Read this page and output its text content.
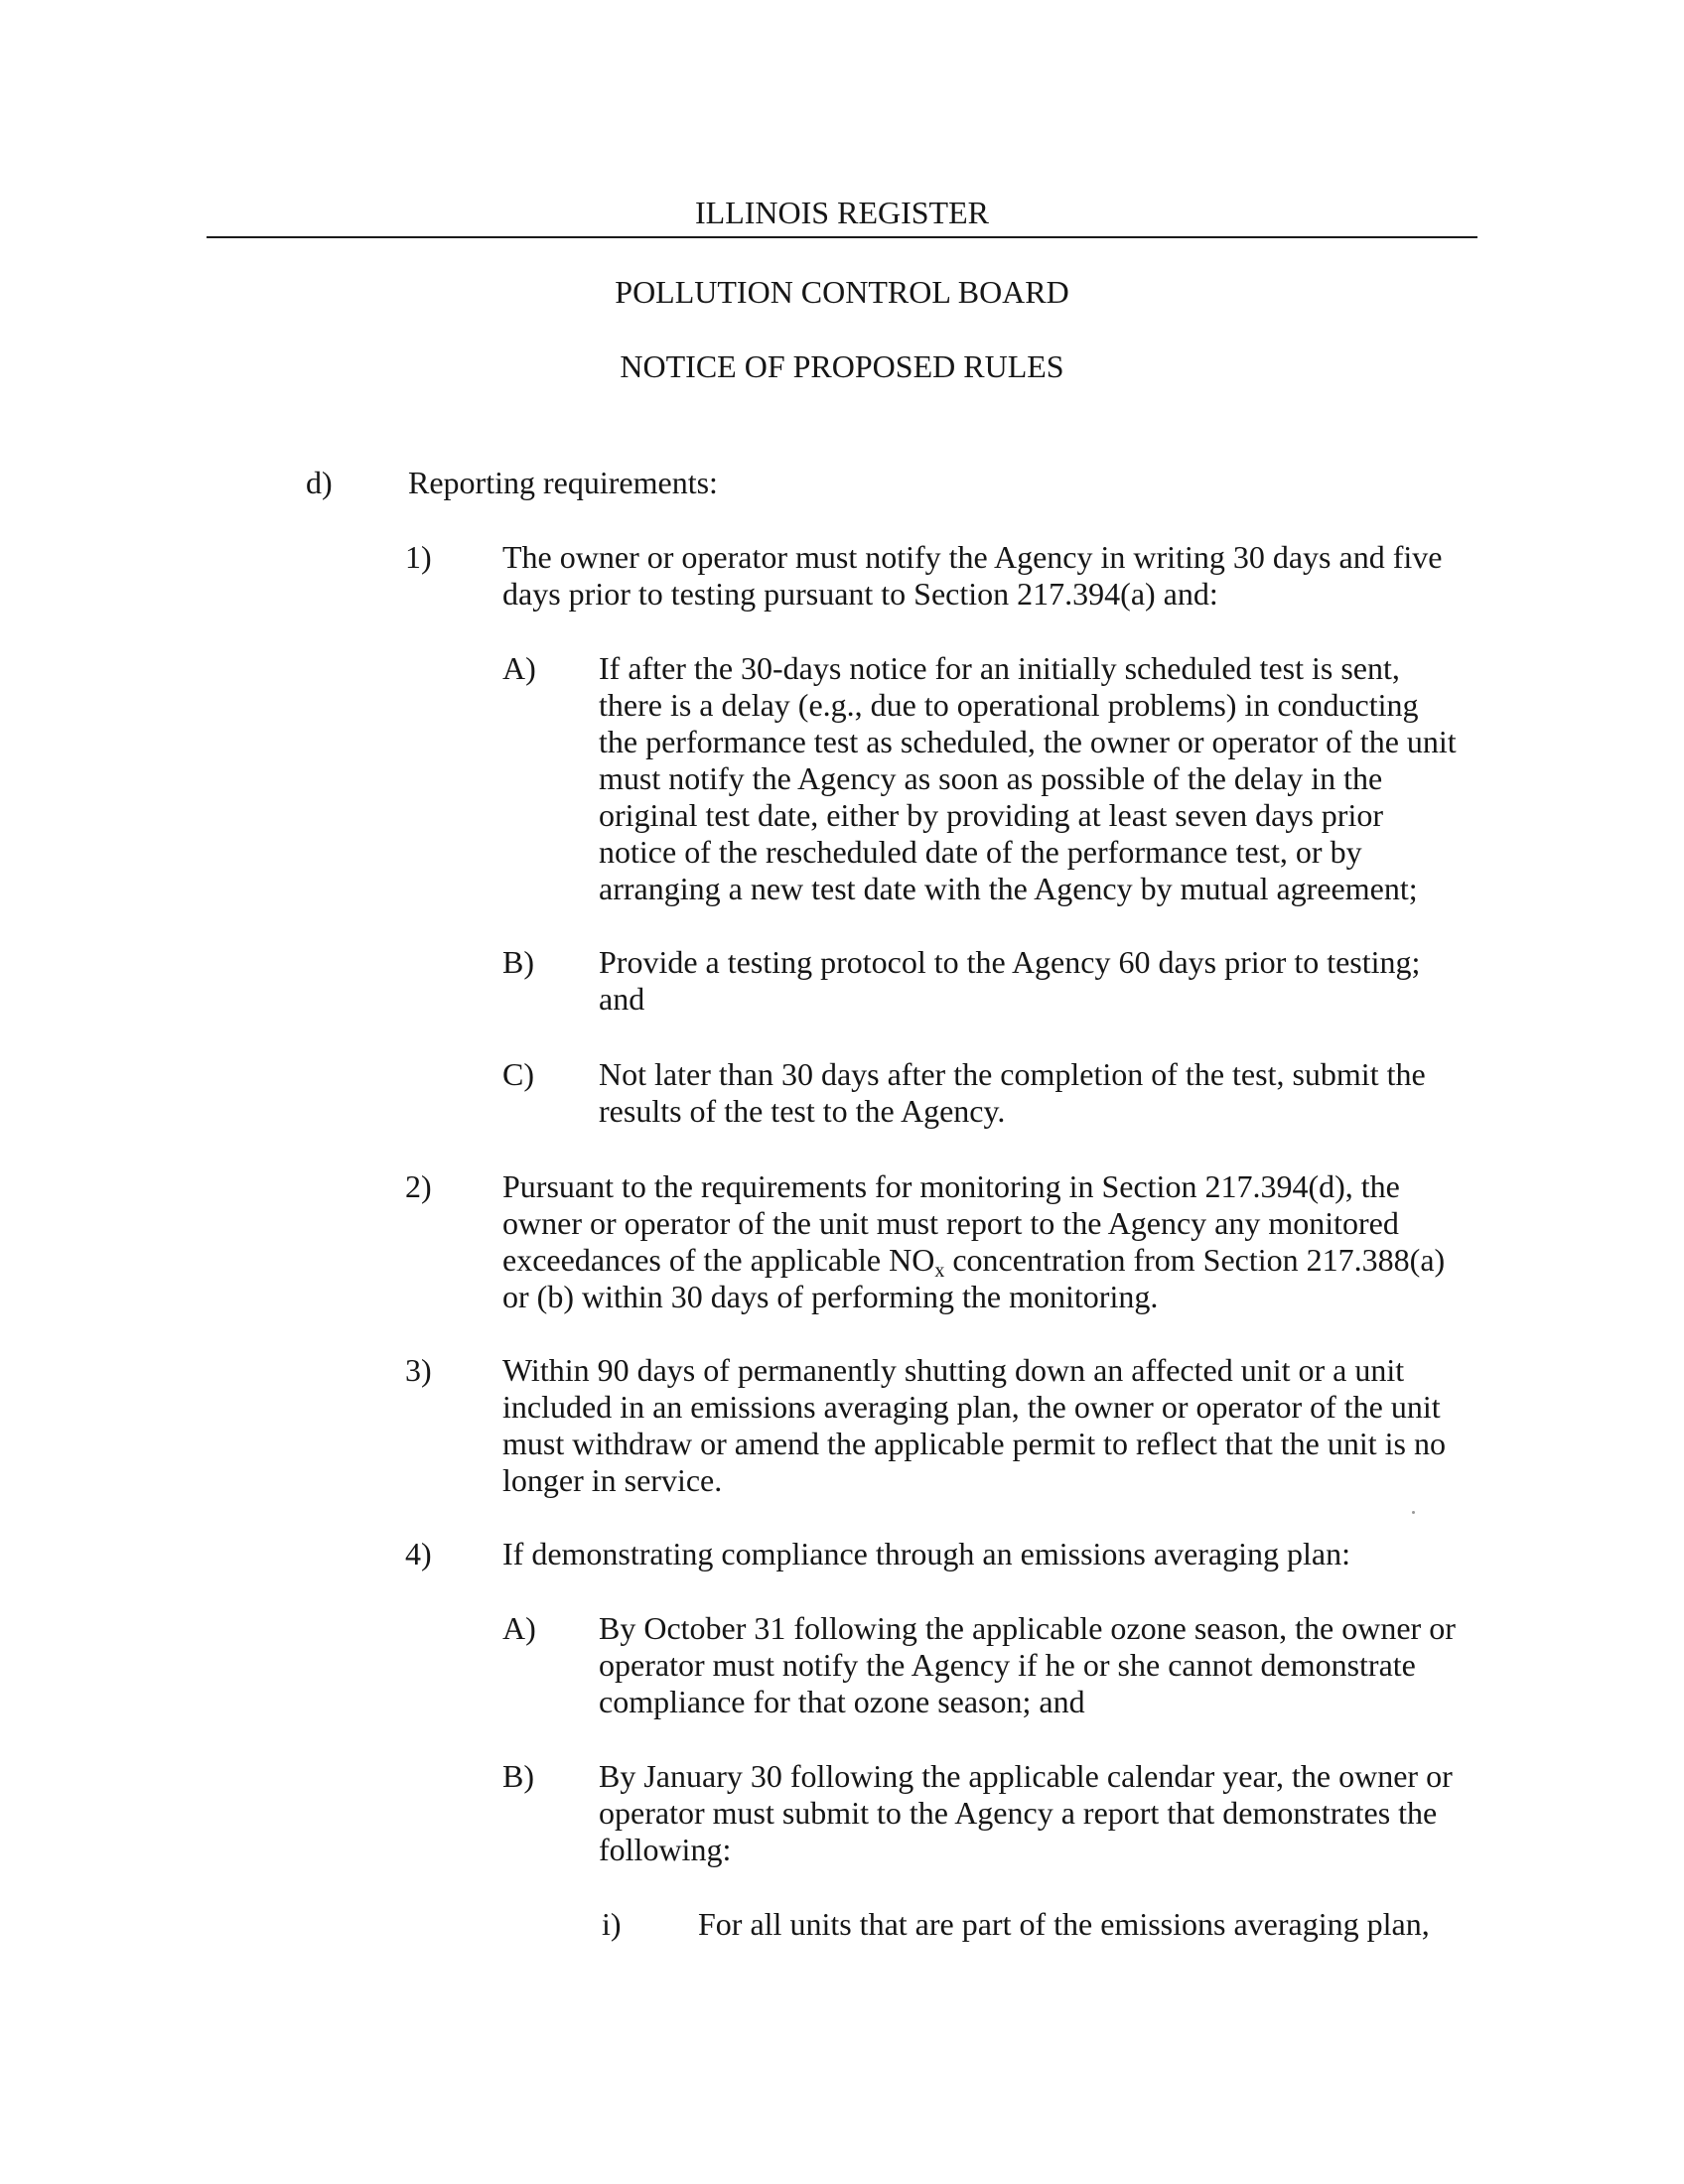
ILLINOIS REGISTER
POLLUTION CONTROL BOARD
NOTICE OF PROPOSED RULES
d) Reporting requirements:
1) The owner or operator must notify the Agency in writing 30 days and five
days prior to testing pursuant to Section 217.394(a) and:
A) If after the 30-days notice for an initially scheduled test is sent,
there is a delay (e.g., due to operational problems) in conducting
the performance test as scheduled, the owner or operator of the unit
must notify the Agency as soon as possible of the delay in the
original test date, either by providing at least seven days prior
notice of the rescheduled date of the performance test, or by
arranging a new test date with the Agency by mutual agreement;
B) Provide a testing protocol to the Agency 60 days prior to testing;
and
C) Not later than 30 days after the completion of the test, submit the
results of the test to the Agency.
2) Pursuant to the requirements for monitoring in Section 217.394(d), the
owner or operator of the unit must report to the Agency any monitored
exceedances of the applicable $NO_x$ concentration from Section 217.388(a)
or (b) within 30 days of performing the monitoring.
3) Within 90 days of permanently shutting down an affected unit or a unit
included in an emissions averaging plan, the owner or operator of the unit
must withdraw or amend the applicable permit to reflect that the unit is no
longer in service.
4) If demonstrating compliance through an emissions averaging plan:
A) By October 31 following the applicable ozone season, the owner or
operator must notify the Agency if he or she cannot demonstrate
compliance for that ozone season; and
B) By January 30 following the applicable calendar year, the owner or
operator must submit to the Agency a report that demonstrates the
following:
i) For all units that are part of the emissions averaging plan,
